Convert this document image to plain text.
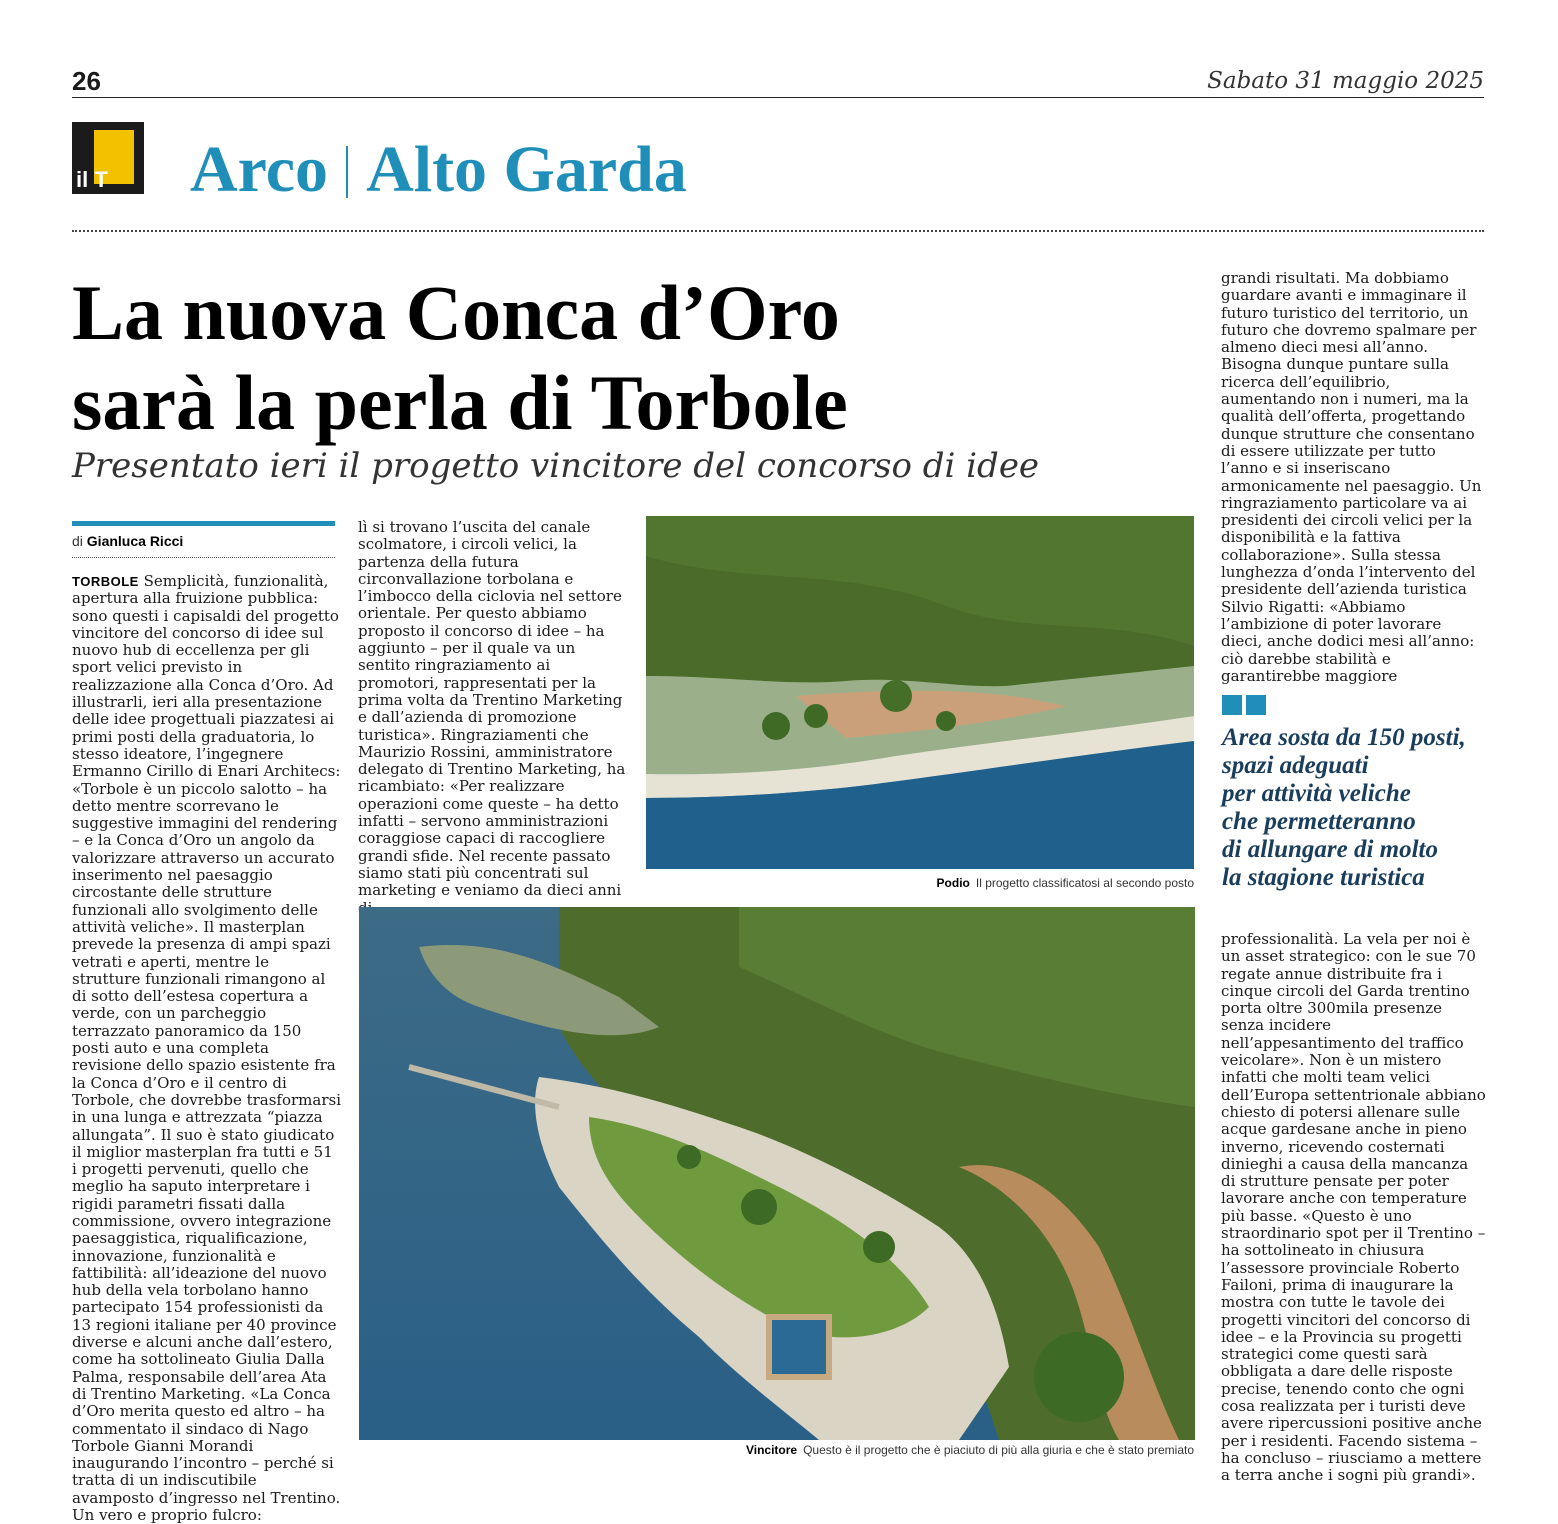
26	Sabato 31 maggio 2025
il T Arco Alto Garda
La nuova Conca d’Oro
sarà la perla di Torbole
Presentato ieri il progetto vincitore del concorso di idee
di Gianluca Ricci
TORBOLE Semplicità, funzionalità, apertura alla fruizione pubblica: sono questi i capisaldi del progetto vincitore del concorso di idee sul nuovo hub di eccellenza per gli sport velici previsto in realizzazione alla Conca d’Oro. Ad illustrarli, ieri alla presentazione delle idee progettuali piazzatesi ai primi posti della graduatoria, lo stesso ideatore, l’ingegnere Ermanno Cirillo di Enari Architecs: «Torbole è un piccolo salotto – ha detto mentre scorrevano le suggestive immagini del rendering – e la Conca d’Oro un angolo da valorizzare attraverso un accurato inserimento nel paesaggio circostante delle strutture funzionali allo svolgimento delle attività veliche». Il masterplan prevede la presenza di ampi spazi vetrati e aperti, mentre le strutture funzionali rimangono al di sotto dell’estesa copertura a verde, con un parcheggio terrazzato panoramico da 150 posti auto e una completa revisione dello spazio esistente fra la Conca d’Oro e il centro di Torbole, che dovrebbe trasformarsi in una lunga e attrezzata “piazza allungata”. Il suo è stato giudicato il miglior masterplan fra tutti e 51 i progetti pervenuti, quello che meglio ha saputo interpretare i rigidi parametri fissati dalla commissione, ovvero integrazione paesaggistica, riqualificazione, innovazione, funzionalità e fattibilità: all’ideazione del nuovo hub della vela torbolano hanno partecipato 154 professionisti da 13 regioni italiane per 40 province diverse e alcuni anche dall’estero, come ha sottolineato Giulia Dalla Palma, responsabile dell’area Ata di Trentino Marketing. «La Conca d’Oro merita questo ed altro – ha commentato il sindaco di Nago Torbole Gianni Morandi inaugurando l’incontro – perché si tratta di un indiscutibile avamposto d’ingresso nel Trentino. Un vero e proprio fulcro:
lì si trovano l’uscita del canale scolmatore, i circoli velici, la partenza della futura circonvallazione torbolana e l’imbocco della ciclovia nel settore orientale. Per questo abbiamo proposto il concorso di idee – ha aggiunto – per il quale va un sentito ringraziamento ai promotori, rappresentati per la prima volta da Trentino Marketing e dall’azienda di promozione turistica». Ringraziamenti che Maurizio Rossini, amministratore delegato di Trentino Marketing, ha ricambiato: «Per realizzare operazioni come queste – ha detto infatti – servono amministrazioni coraggiose capaci di raccogliere grandi sfide. Nel recente passato siamo stati più concentrati sul marketing e veniamo da dieci anni
grandi risultati. Ma dobbiamo guardare avanti e immaginare il futuro turistico del territorio, un futuro che dovremo spalmare per almeno dieci mesi all’anno. Bisogna dunque puntare sulla ricerca dell’equilibrio, aumentando non i numeri, ma la qualità dell’offerta, progettando dunque strutture che consentano di essere utilizzate per tutto l’anno e si inseriscano armonicamente nel paesaggio. Un ringraziamento particolare va ai presidenti dei circoli velici per la disponibilità e la fattiva collaborazione». Sulla stessa lunghezza d’onda l’intervento del presidente dell’azienda turistica Silvio Rigatti: «Abbiamo l’ambizione di poter lavorare dieci, anche dodici mesi all’anno: ciò darebbe stabilità e garantirebbe maggiore
professionalità. La vela per noi è un asset strategico: con le sue 70 regate annue distribuite fra i cinque circoli del Garda trentino porta oltre 300mila presenze senza incidere nell’appesantimento del traffico veicolare». Non è un mistero infatti che molti team velici dell’Europa settentrionale abbiano chiesto di potersi allenare sulle acque gardesane anche in pieno inverno, ricevendo costernati dinieghi a causa della mancanza di strutture pensate per poter lavorare anche con temperature più basse. «Questo è uno straordinario spot per il Trentino – ha sottolineato in chiusura l’assessore provinciale Roberto Failoni, prima di inaugurare la mostra con tutte le tavole dei progetti vincitori del concorso di idee – e la Provincia su progetti strategici come questi sarà obbligata a dare delle risposte precise, tenendo conto che ogni cosa realizzata per i turisti deve avere ripercussioni positive anche per i residenti. Facendo sistema – ha concluso – riusciamo a mettere a terra anche i sogni più grandi».
Podio Il progetto classificatosi al secondo posto
Vincitore Questo è il progetto che è piaciuto di più alla giuria e che è stato premiato
Area sosta da 150 posti,
spazi adeguati
per attività veliche
che permetteranno
di allungare di molto
la stagione turistica
